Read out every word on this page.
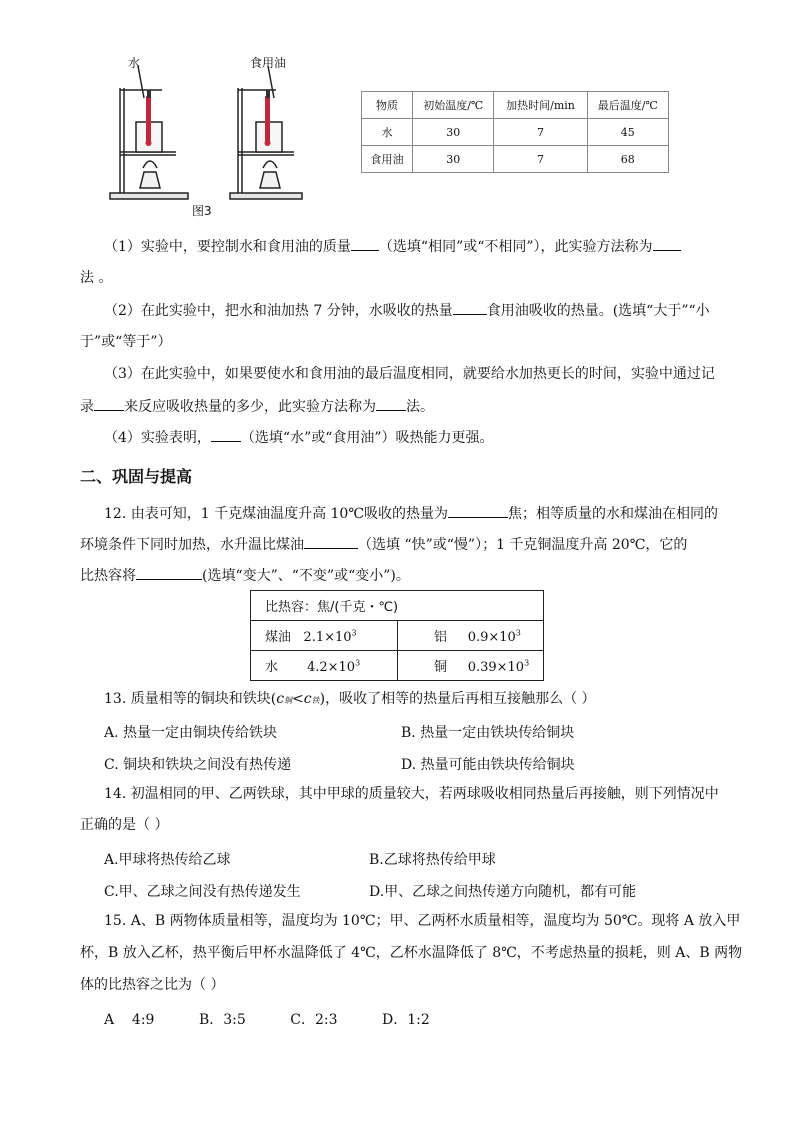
水	食用油
图3
物质	初始温度/℃	加热时间/min	最后温度/℃
水	30	7	45
食用油	30	7	68
（1）实验中，要控制水和食用油的质量 （选填“相同”或“不相同”），此实验方法称为
法 。
（2）在此实验中，把水和油加热 7 分钟，水吸收的热量 食用油吸收的热量。(选填“大于”“小
于”或“等于”）
（3）在此实验中，如果要使水和食用油的最后温度相同，就要给水加热更长的时间，实验中通过记
录 来反应吸收热量的多少，此实验方法称为 法。
（4）实验表明， （选填“水”或“食用油”）吸热能力更强。
二、巩固与提高
12. 由表可知，1 千克煤油温度升高 10℃吸收的热量为	焦；相等质量的水和煤油在相同的
环境条件下同时加热，水升温比煤油	（选填 “快”或“慢”）；1 千克铜温度升高 20℃，它的
比热容将	(选填“变大”、“不变”或“变小”)。
比热容：焦/(千克・℃)	
煤油 $2.1\times 10^3$	铝 $0.9\times 10^3$
水 $4.2\times 10^3$	铜 $0.39\times 10^3$
13. 质量相等的铜块和铁块(c铜<c铁)，吸收了相等的热量后再相互接触那么（ ）
A. 热量一定由铜块传给铁块	B. 热量一定由铁块传给铜块
C. 铜块和铁块之间没有热传递	D. 热量可能由铁块传给铜块
14. 初温相同的甲、乙两铁球，其中甲球的质量较大，若两球吸收相同热量后再接触，则下列情况中
正确的是（ ）
A.甲球将热传给乙球	B.乙球将热传给甲球
C.甲、乙球之间没有热传递发生	D.甲、乙球之间热传递方向随机，都有可能
15. A、B 两物体质量相等，温度均为 10℃；甲、乙两杯水质量相等，温度均为 50℃。现将 A 放入甲
杯，B 放入乙杯，热平衡后甲杯水温降低了 4℃，乙杯水温降低了 8℃，不考虑热量的损耗，则 A、B 两物
体的比热容之比为（ ）
A    4:9          B．3:5          C．2:3          D．1:2
